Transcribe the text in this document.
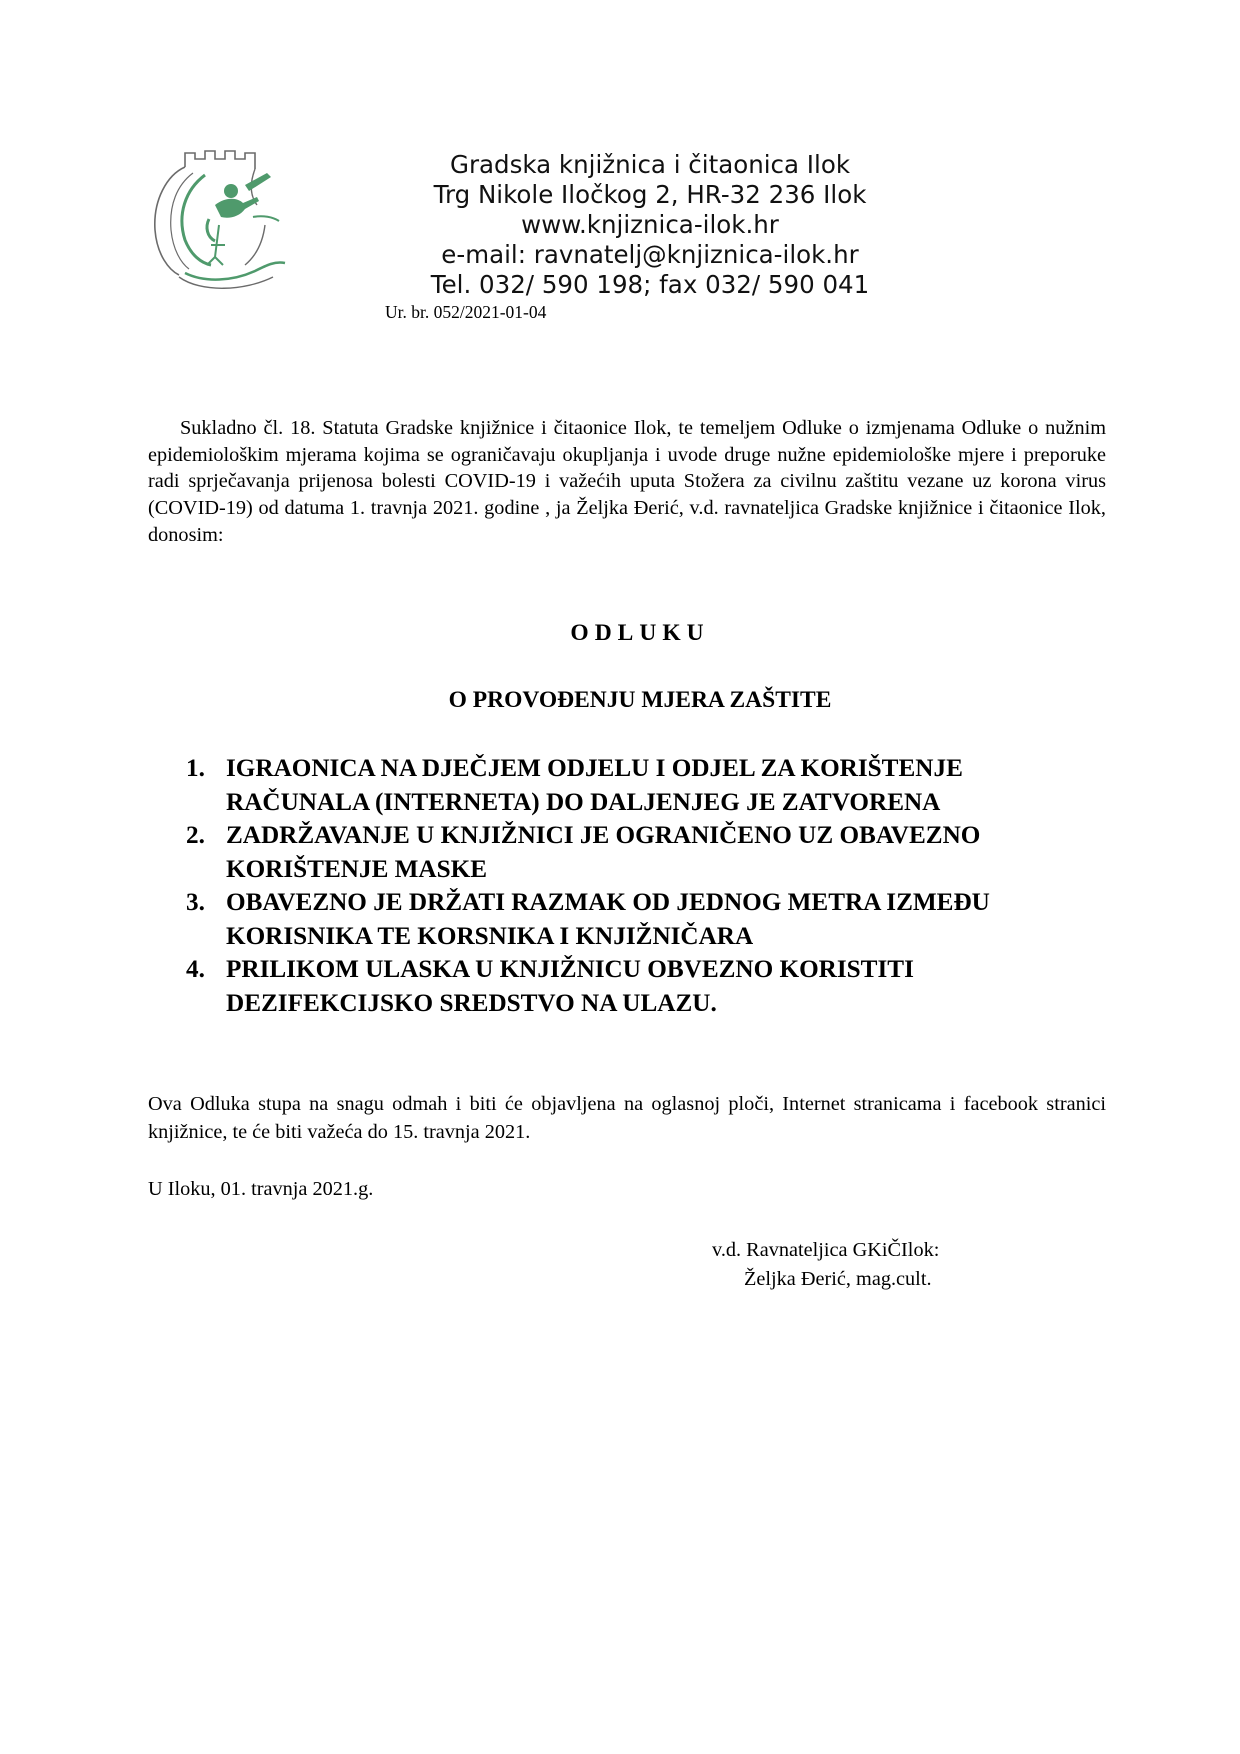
Gradska knjižnica i čitaonica Ilok
Trg Nikole Iločkog 2, HR-32 236 Ilok
www.knjiznica-ilok.hr
e-mail: ravnatelj@knjiznica-ilok.hr
Tel. 032/ 590 198; fax 032/ 590 041
Ur. br. 052/2021-01-04

Sukladno čl. 18. Statuta Gradske knjižnice i čitaonice Ilok, te temeljem Odluke o izmjenama Odluke o nužnim epidemiološkim mjerama kojima se ograničavaju okupljanja i uvode druge nužne epidemiološke mjere i preporuke radi sprječavanja prijenosa bolesti COVID-19 i važećih uputa Stožera za civilnu zaštitu vezane uz korona virus (COVID-19) od datuma 1. travnja 2021. godine , ja Željka Đerić, v.d. ravnateljica Gradske knjižnice i čitaonice Ilok, donosim:

ODLUKU
O PROVOĐENJU MJERA ZAŠTITE
1. IGRAONICA NA DJEČJEM ODJELU I ODJEL ZA KORIŠTENJE RAČUNALA (INTERNETA) DO DALJENJEG JE ZATVORENA
2. ZADRŽAVANJE U KNJIŽNICI JE OGRANIČENO UZ OBAVEZNO KORIŠTENJE MASKE
3. OBAVEZNO JE DRŽATI RAZMAK OD JEDNOG METRA IZMEĐU KORISNIKA TE KORSNIKA I KNJIŽNIČARA
4. PRILIKOM ULASKA U KNJIŽNICU OBVEZNO KORISTITI DEZIFEKCIJSKO SREDSTVO NA ULAZU.
Ova Odluka stupa na snagu odmah i biti će objavljena na oglasnoj ploči, Internet stranicama i facebook stranici knjižnice, te će biti važeća do 15. travnja 2021.
U Iloku, 01. travnja 2021.g.
v.d. Ravnateljica GKiČIlok:
Željka Đerić, mag.cult.
